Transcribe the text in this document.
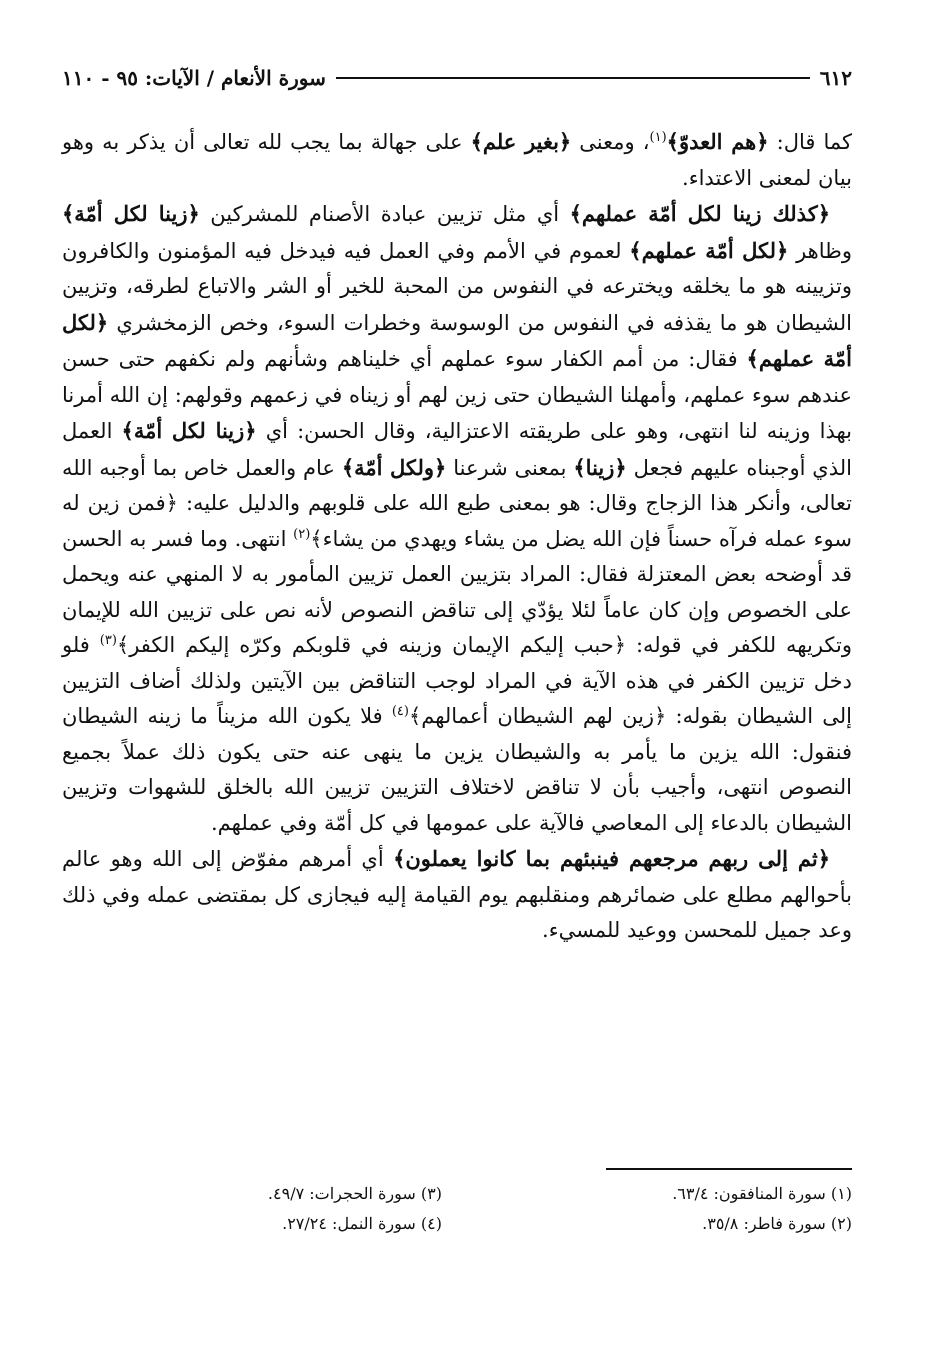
٦١٢
سورة الأنعام / الآيات: ٩٥ - ١١٠

كما قال: ﴿هم العدوّ﴾$^{(١)}$، ومعنى ﴿بغير علم﴾ على جهالة بما يجب لله تعالى أن يذكر به وهو بيان لمعنى الاعتداء.

﴿كذلك زينا لكل أمّة عملهم﴾ أي مثل تزيين عبادة الأصنام للمشركين ﴿زينا لكل أمّة﴾ وظاهر ﴿لكل أمّة عملهم﴾ لعموم في الأمم وفي العمل فيه فيدخل فيه المؤمنون والكافرون وتزيينه هو ما يخلقه ويخترعه في النفوس من المحبة للخير أو الشر والاتباع لطرقه، وتزيين الشيطان هو ما يقذفه في النفوس من الوسوسة وخطرات السوء، وخص الزمخشري ﴿لكل أمّة عملهم﴾ فقال: من أمم الكفار سوء عملهم أي خليناهم وشأنهم ولم نكفهم حتى حسن عندهم سوء عملهم، وأمهلنا الشيطان حتى زين لهم أو زيناه في زعمهم وقولهم: إن الله أمرنا بهذا وزينه لنا انتهى، وهو على طريقته الاعتزالية، وقال الحسن: أي ﴿زينا لكل أمّة﴾ العمل الذي أوجبناه عليهم فجعل ﴿زينا﴾ بمعنى شرعنا ﴿ولكل أمّة﴾ عام والعمل خاص بما أوجبه الله تعالى، وأنكر هذا الزجاج وقال: هو بمعنى طبع الله على قلوبهم والدليل عليه: ﴿فمن زين له سوء عمله فرآه حسناً فإن الله يضل من يشاء ويهدي من يشاء﴾$^{(٢)}$ انتهى. وما فسر به الحسن قد أوضحه بعض المعتزلة فقال: المراد بتزيين العمل تزيين المأمور به لا المنهي عنه ويحمل على الخصوص وإن كان عاماً لئلا يؤدّي إلى تناقض النصوص لأنه نص على تزيين الله للإيمان وتكريهه للكفر في قوله: ﴿حبب إليكم الإيمان وزينه في قلوبكم وكرّه إليكم الكفر﴾$^{(٣)}$ فلو دخل تزيين الكفر في هذه الآية في المراد لوجب التناقض بين الآيتين ولذلك أضاف التزيين إلى الشيطان بقوله: ﴿زين لهم الشيطان أعمالهم﴾$^{(٤)}$ فلا يكون الله مزيناً ما زينه الشيطان فنقول: الله يزين ما يأمر به والشيطان يزين ما ينهى عنه حتى يكون ذلك عملاً بجميع النصوص انتهى، وأجيب بأن لا تناقض لاختلاف التزيين تزيين الله بالخلق للشهوات وتزيين الشيطان بالدعاء إلى المعاصي فالآية على عمومها في كل أمّة وفي عملهم.

﴿ثم إلى ربهم مرجعهم فينبئهم بما كانوا يعملون﴾ أي أمرهم مفوّض إلى الله وهو عالم بأحوالهم مطلع على ضمائرهم ومنقلبهم يوم القيامة إليه فيجازى كل بمقتضى عمله وفي ذلك وعد جميل للمحسن ووعيد للمسيء.

(١) سورة المنافقون: ٦٣/٤.
(٣) سورة الحجرات: ٤٩/٧.
(٢) سورة فاطر: ٣٥/٨.
(٤) سورة النمل: ٢٧/٢٤.
